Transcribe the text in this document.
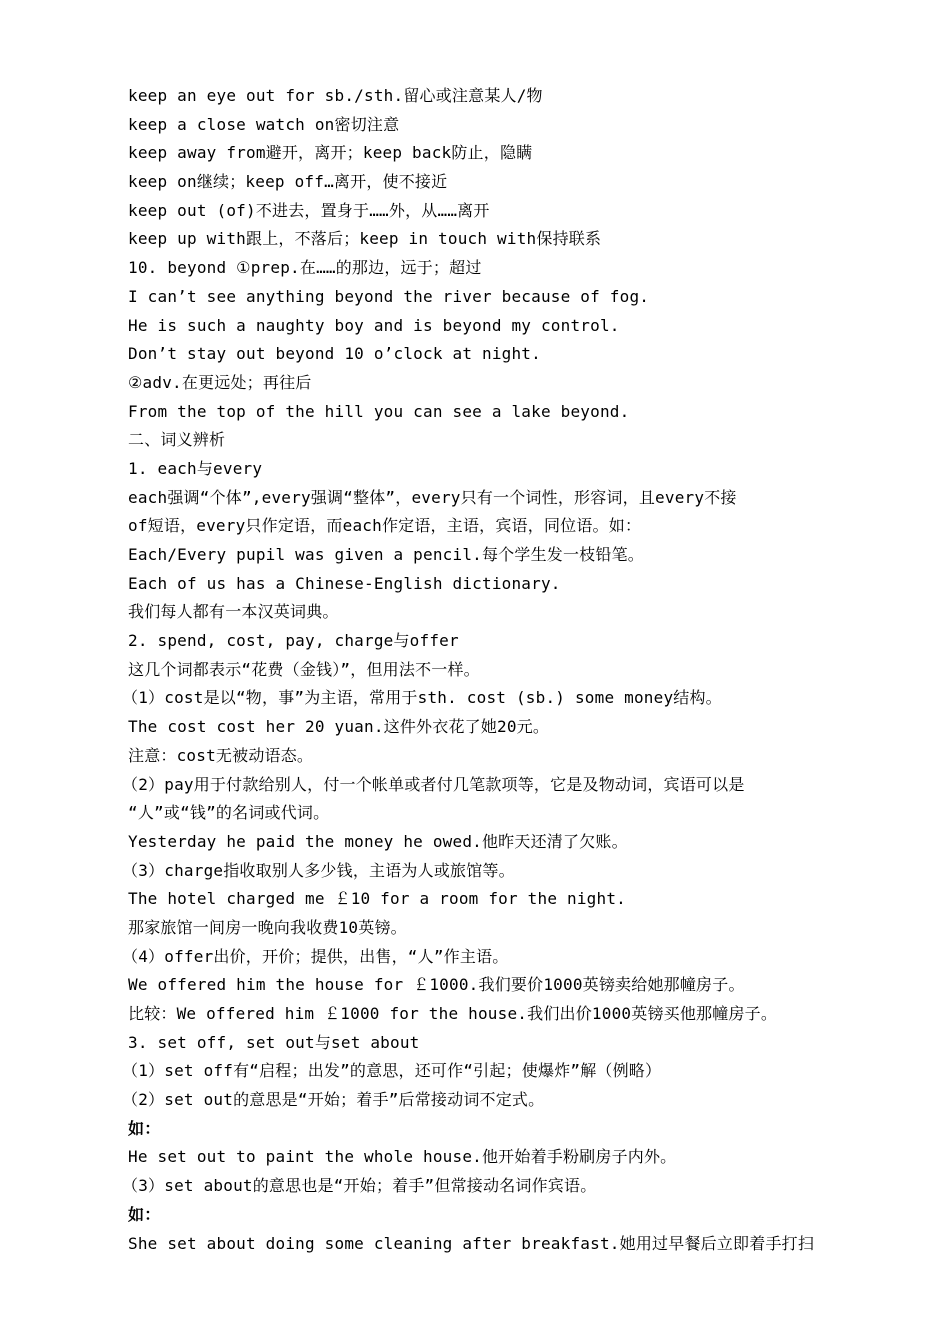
keep an eye out for sb./sth.留心或注意某人/物
keep a close watch on密切注意
keep away from避开，离开；keep back防止，隐瞒
keep on继续；keep off…离开，使不接近
keep out (of)不进去，置身于……外，从……离开
keep up with跟上，不落后；keep in touch with保持联系
10. beyond ①prep.在……的那边，远于；超过
I can’t see anything beyond the river because of fog.
He is such a naughty boy and is beyond my control.
Don’t stay out beyond 10 o’clock at night.
②adv.在更远处；再往后
From the top of the hill you can see a lake beyond.
二、词义辨析
1. each与every
each强调“个体”,every强调“整体”，every只有一个词性，形容词，且every不接
of短语，every只作定语，而each作定语，主语，宾语，同位语。如：
Each/Every pupil was given a pencil.每个学生发一枝铅笔。
Each of us has a Chinese-English dictionary.
我们每人都有一本汉英词典。
2. spend, cost, pay, charge与offer
这几个词都表示“花费（金钱）”，但用法不一样。
（1）cost是以“物，事”为主语，常用于sth. cost (sb.) some money结构。
The cost cost her 20 yuan.这件外衣花了她20元。
注意：cost无被动语态。
（2）pay用于付款给别人，付一个帐单或者付几笔款项等，它是及物动词，宾语可以是
“人”或“钱”的名词或代词。
Yesterday he paid the money he owed.他昨天还清了欠账。
（3）charge指收取别人多少钱，主语为人或旅馆等。
The hotel charged me ￡10 for a room for the night.
那家旅馆一间房一晚向我收费10英镑。
（4）offer出价，开价；提供，出售，“人”作主语。
We offered him the house for ￡1000.我们要价1000英镑卖给她那幢房子。
比较：We offered him ￡1000 for the house.我们出价1000英镑买他那幢房子。
3. set off, set out与set about
（1）set off有“启程；出发”的意思，还可作“引起；使爆炸”解（例略）
（2）set out的意思是“开始；着手”后常接动词不定式。
如：
He set out to paint the whole house.他开始着手粉刷房子内外。
（3）set about的意思也是“开始；着手”但常接动名词作宾语。
如：
She set about doing some cleaning after breakfast.她用过早餐后立即着手打扫
